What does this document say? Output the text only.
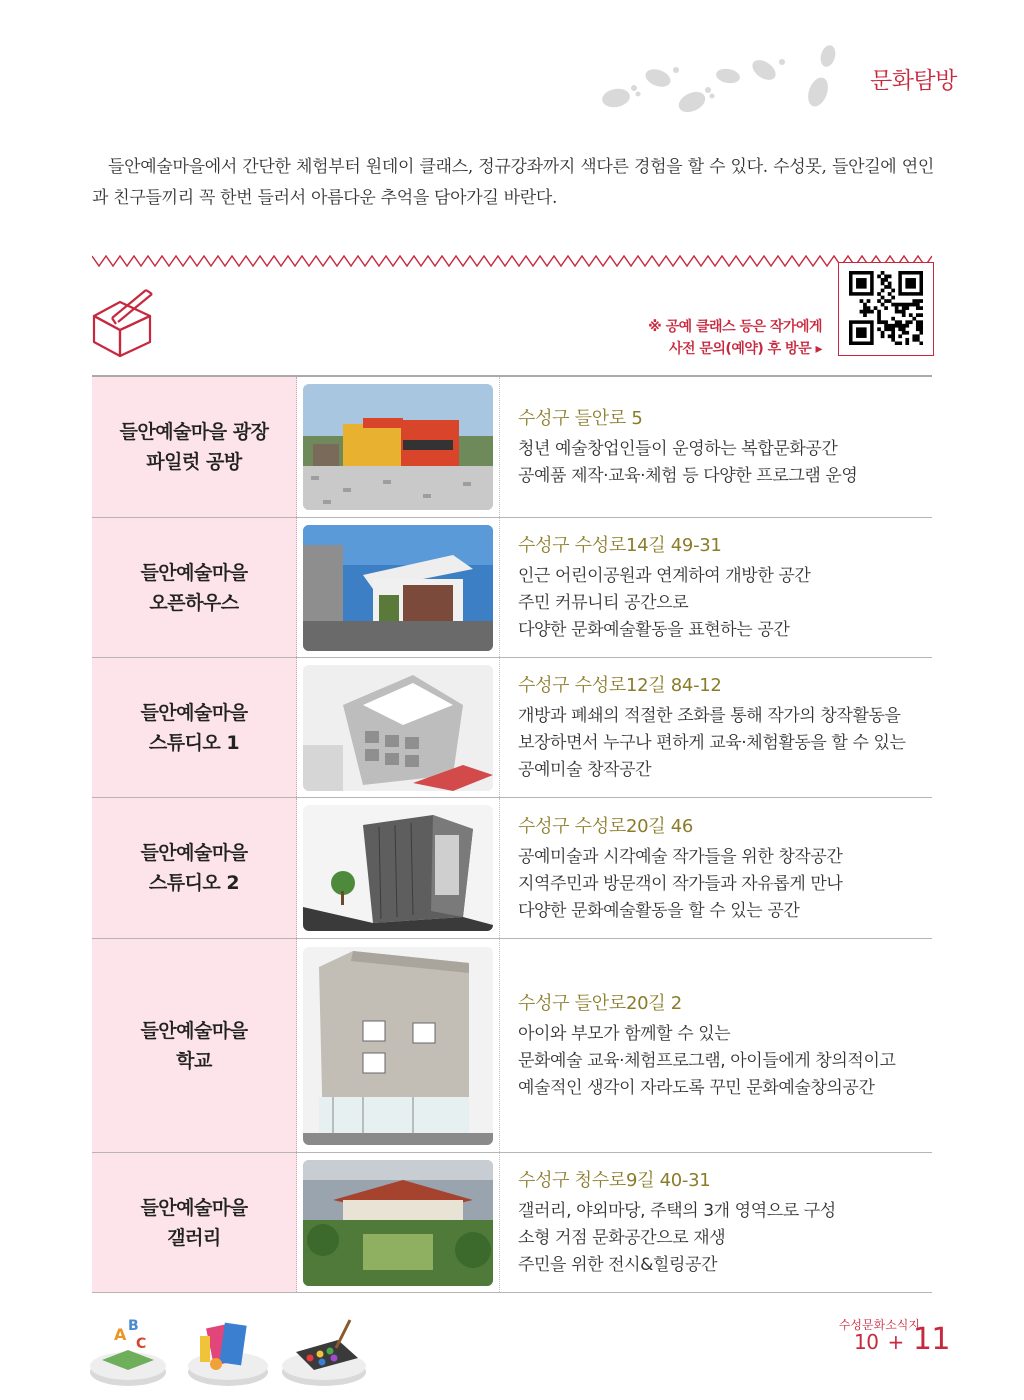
문화탐방

들안예술마을에서 간단한 체험부터 원데이 클래스, 정규강좌까지 색다른 경험을 할 수 있다. 수성못, 들안길에 연인과 친구들끼리 꼭 한번 들러서 아름다운 추억을 담아가길 바란다.

※ 공예 클래스 등은 작가에게
사전 문의(예약) 후 방문 ▸
들안예술마을 광장
파일럿 공방
수성구 들안로 5
청년 예술창업인들이 운영하는 복합문화공간
공예품 제작·교육·체험 등 다양한 프로그램 운영
들안예술마을
오픈하우스
수성구 수성로14길 49-31
인근 어린이공원과 연계하여 개방한 공간
주민 커뮤니티 공간으로
다양한 문화예술활동을 표현하는 공간
들안예술마을
스튜디오 1
수성구 수성로12길 84-12
개방과 폐쇄의 적절한 조화를 통해 작가의 창작활동을
보장하면서 누구나 편하게 교육·체험활동을 할 수 있는
공예미술 창작공간
들안예술마을
스튜디오 2
수성구 수성로20길 46
공예미술과 시각예술 작가들을 위한 창작공간
지역주민과 방문객이 작가들과 자유롭게 만나
다양한 문화예술활동을 할 수 있는 공간
들안예술마을
학교
수성구 들안로20길 2
아이와 부모가 함께할 수 있는
문화예술 교육·체험프로그램, 아이들에게 창의적이고
예술적인 생각이 자라도록 꾸민 문화예술창의공간
들안예술마을
갤러리
수성구 청수로9길 40-31
갤러리, 야외마당, 주택의 3개 영역으로 구성
소형 거점 문화공간으로 재생
주민을 위한 전시&힐링공간
A B
C
수성문화소식지
10 + 11
